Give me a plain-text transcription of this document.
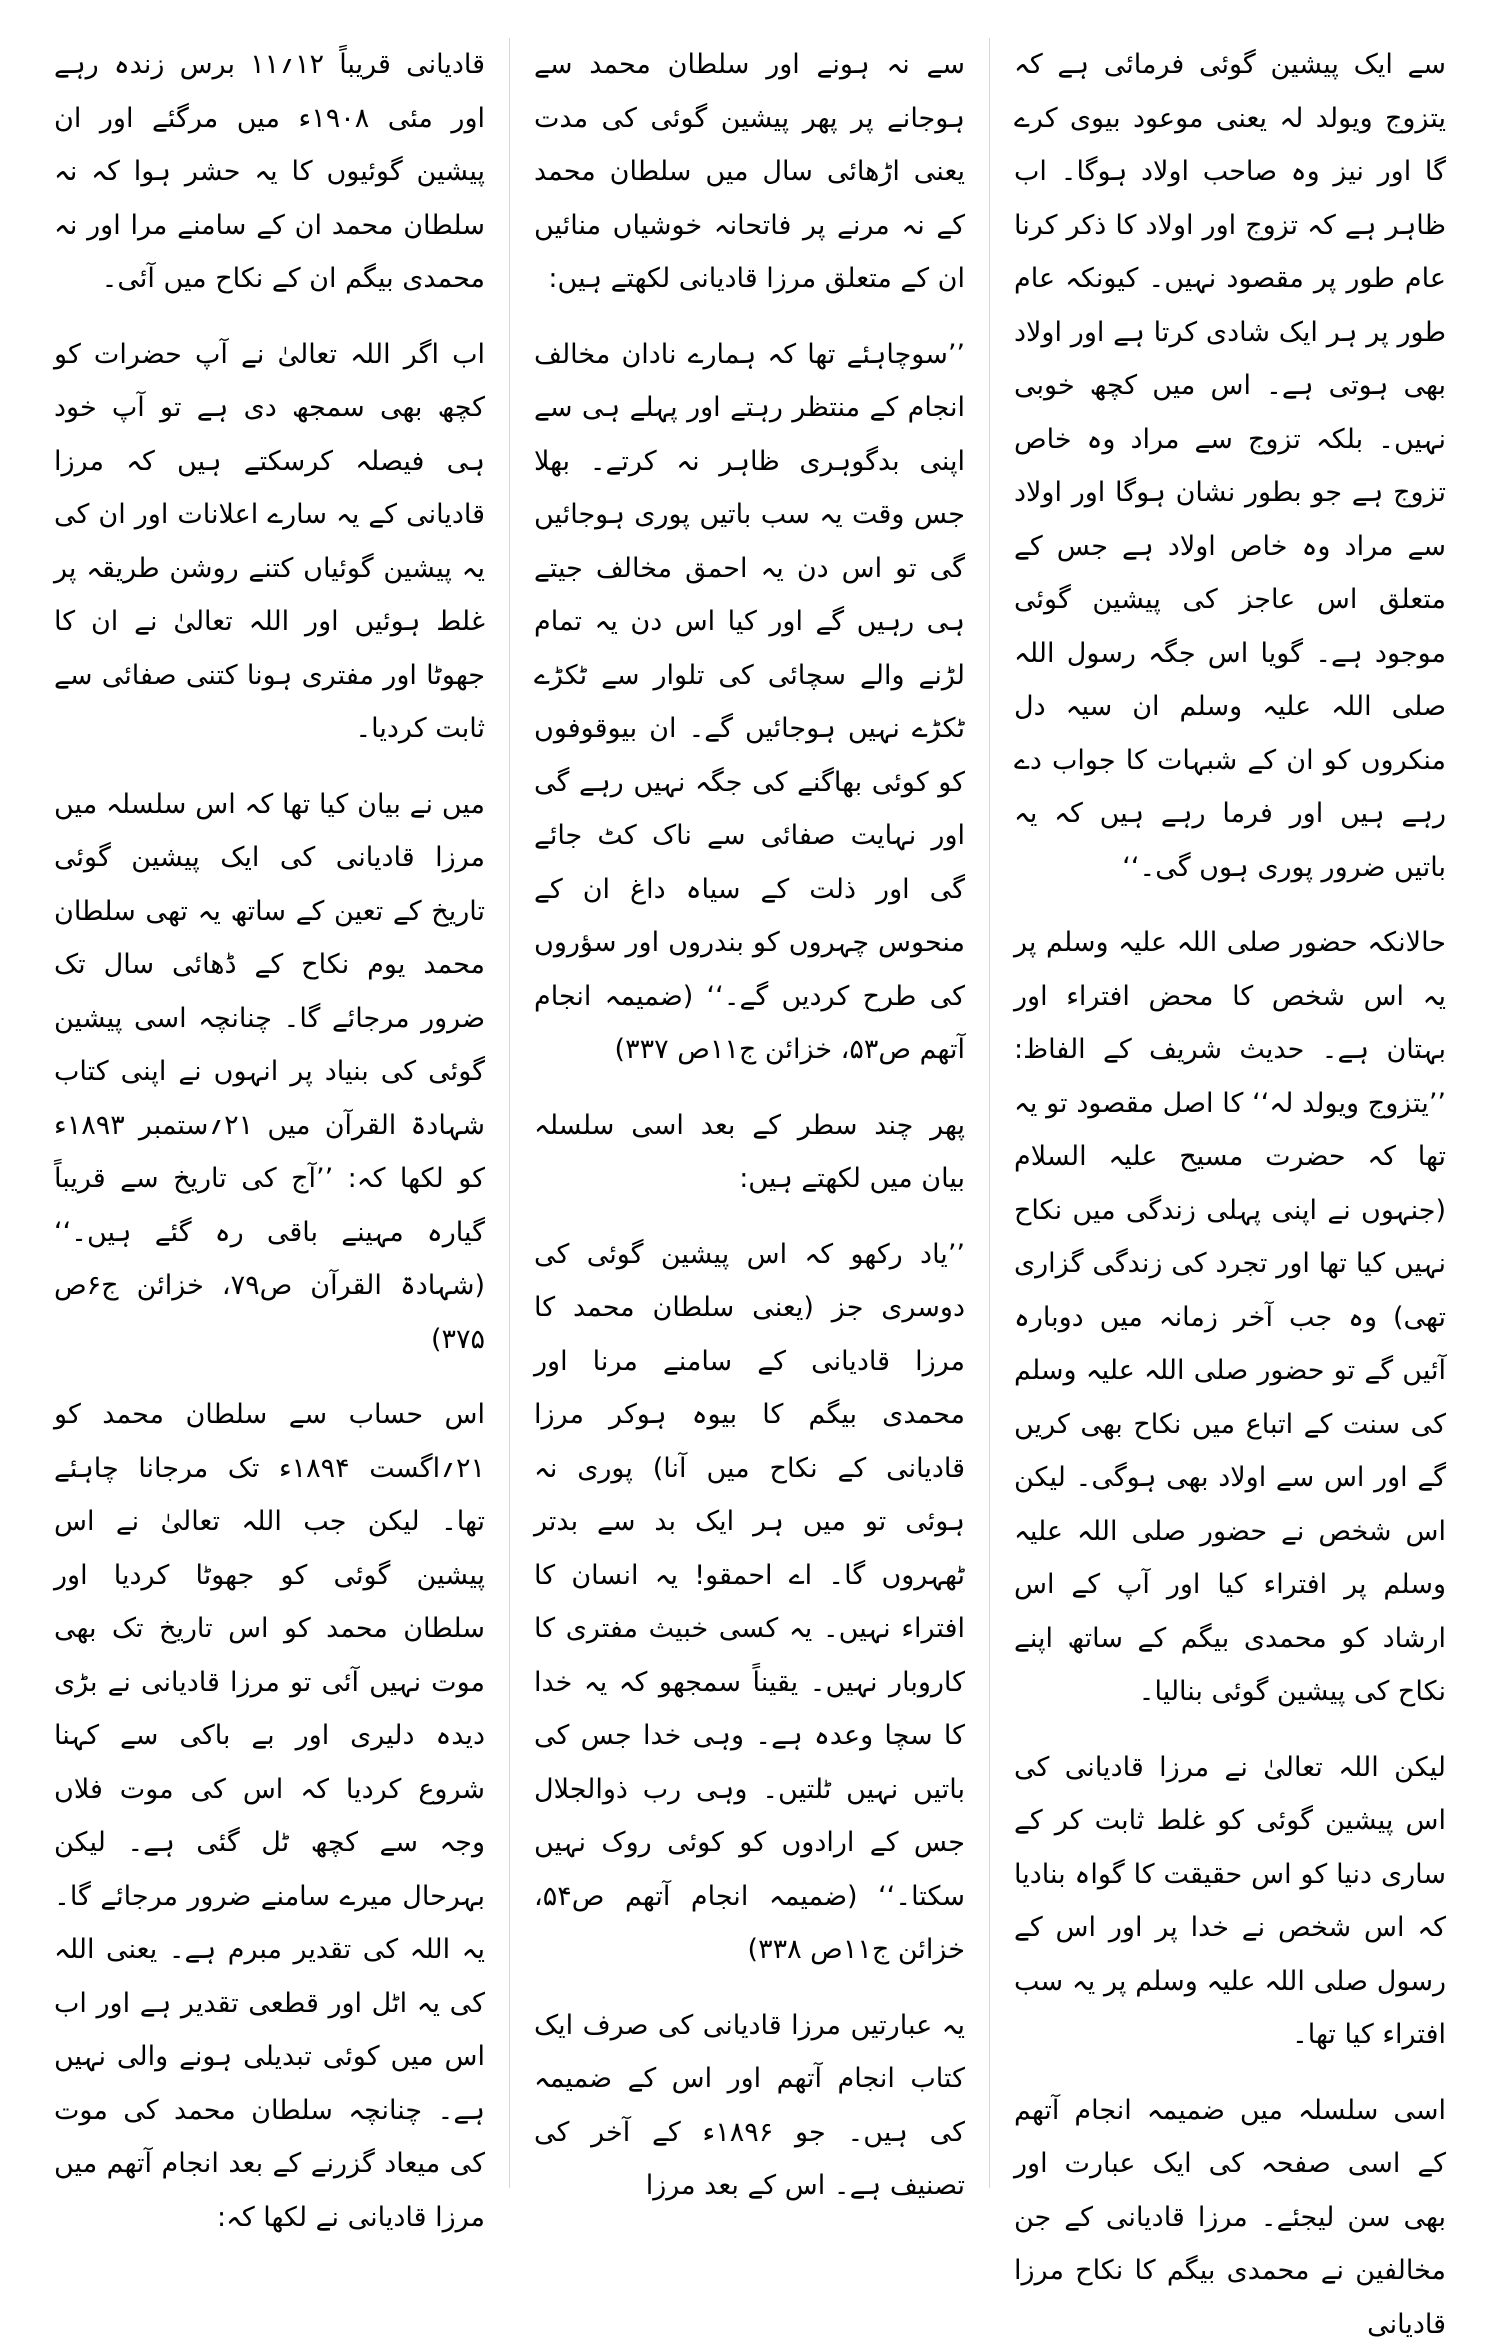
سے ایک پیشین گوئی فرمائی ہے کہ یتزوج ویولد لہ یعنی موعود بیوی کرے گا اور نیز وہ صاحب اولاد ہوگا۔ اب ظاہر ہے کہ تزوج اور اولاد کا ذکر کرنا عام طور پر مقصود نہیں۔ کیونکہ عام طور پر ہر ایک شادی کرتا ہے اور اولاد بھی ہوتی ہے۔ اس میں کچھ خوبی نہیں۔ بلکہ تزوج سے مراد وہ خاص تزوج ہے جو بطور نشان ہوگا اور اولاد سے مراد وہ خاص اولاد ہے جس کے متعلق اس عاجز کی پیشین گوئی موجود ہے۔ گویا اس جگہ رسول اللہ صلی اللہ علیہ وسلم ان سیہ دل منکروں کو ان کے شبہات کا جواب دے رہے ہیں اور فرما رہے ہیں کہ یہ باتیں ضرور پوری ہوں گی۔‘‘

حالانکہ حضور صلی اللہ علیہ وسلم پر یہ اس شخص کا محض افتراء اور بہتان ہے۔ حدیث شریف کے الفاظ: ’’یتزوج ویولد لہ‘‘ کا اصل مقصود تو یہ تھا کہ حضرت مسیح علیہ السلام (جنہوں نے اپنی پہلی زندگی میں نکاح نہیں کیا تھا اور تجرد کی زندگی گزاری تھی) وہ جب آخر زمانہ میں دوبارہ آئیں گے تو حضور صلی اللہ علیہ وسلم کی سنت کے اتباع میں نکاح بھی کریں گے اور اس سے اولاد بھی ہوگی۔ لیکن اس شخص نے حضور صلی اللہ علیہ وسلم پر افتراء کیا اور آپ کے اس ارشاد کو محمدی بیگم کے ساتھ اپنے نکاح کی پیشین گوئی بنالیا۔

لیکن اللہ تعالیٰ نے مرزا قادیانی کی اس پیشین گوئی کو غلط ثابت کر کے ساری دنیا کو اس حقیقت کا گواہ بنادیا کہ اس شخص نے خدا پر اور اس کے رسول صلی اللہ علیہ وسلم پر یہ سب افتراء کیا تھا۔

اسی سلسلہ میں ضمیمہ انجام آتھم کے اسی صفحہ کی ایک عبارت اور بھی سن لیجئے۔ مرزا قادیانی کے جن مخالفین نے محمدی بیگم کا نکاح مرزا قادیانی

سے نہ ہونے اور سلطان محمد سے ہوجانے پر پھر پیشین گوئی کی مدت یعنی اڑھائی سال میں سلطان محمد کے نہ مرنے پر فاتحانہ خوشیاں منائیں ان کے متعلق مرزا قادیانی لکھتے ہیں:

’’سوچاہئے تھا کہ ہمارے نادان مخالف انجام کے منتظر رہتے اور پہلے ہی سے اپنی بدگوہری ظاہر نہ کرتے۔ بھلا جس وقت یہ سب باتیں پوری ہوجائیں گی تو اس دن یہ احمق مخالف جیتے ہی رہیں گے اور کیا اس دن یہ تمام لڑنے والے سچائی کی تلوار سے ٹکڑے ٹکڑے نہیں ہوجائیں گے۔ ان بیوقوفوں کو کوئی بھاگنے کی جگہ نہیں رہے گی اور نہایت صفائی سے ناک کٹ جائے گی اور ذلت کے سیاہ داغ ان کے منحوس چہروں کو بندروں اور سؤروں کی طرح کردیں گے۔‘‘ (ضمیمہ انجام آتھم ص۵۳، خزائن ج۱۱ص ۳۳۷)

پھر چند سطر کے بعد اسی سلسلہ بیان میں لکھتے ہیں:

’’یاد رکھو کہ اس پیشین گوئی کی دوسری جز (یعنی سلطان محمد کا مرزا قادیانی کے سامنے مرنا اور محمدی بیگم کا بیوہ ہوکر مرزا قادیانی کے نکاح میں آنا) پوری نہ ہوئی تو میں ہر ایک بد سے بدتر ٹھہروں گا۔ اے احمقو! یہ انسان کا افتراء نہیں۔ یہ کسی خبیث مفتری کا کاروبار نہیں۔ یقیناً سمجھو کہ یہ خدا کا سچا وعدہ ہے۔ وہی خدا جس کی باتیں نہیں ٹلتیں۔ وہی رب ذوالجلال جس کے ارادوں کو کوئی روک نہیں سکتا۔‘‘ (ضمیمہ انجام آتھم ص۵۴، خزائن ج۱۱ص ۳۳۸)

یہ عبارتیں مرزا قادیانی کی صرف ایک کتاب انجام آتھم اور اس کے ضمیمہ کی ہیں۔ جو ۱۸۹۶ء کے آخر کی تصنیف ہے۔ اس کے بعد مرزا

قادیانی قریباً ۱۲؍۱۱ برس زندہ رہے اور مئی ۱۹۰۸ء میں مرگئے اور ان پیشین گوئیوں کا یہ حشر ہوا کہ نہ سلطان محمد ان کے سامنے مرا اور نہ محمدی بیگم ان کے نکاح میں آئی۔

اب اگر اللہ تعالیٰ نے آپ حضرات کو کچھ بھی سمجھ دی ہے تو آپ خود ہی فیصلہ کرسکتے ہیں کہ مرزا قادیانی کے یہ سارے اعلانات اور ان کی یہ پیشین گوئیاں کتنے روشن طریقہ پر غلط ہوئیں اور اللہ تعالیٰ نے ان کا جھوٹا اور مفتری ہونا کتنی صفائی سے ثابت کردیا۔

میں نے بیان کیا تھا کہ اس سلسلہ میں مرزا قادیانی کی ایک پیشین گوئی تاریخ کے تعین کے ساتھ یہ تھی سلطان محمد یوم نکاح کے ڈھائی سال تک ضرور مرجائے گا۔ چنانچہ اسی پیشین گوئی کی بنیاد پر انہوں نے اپنی کتاب شہادۃ القرآن میں ۲۱؍ستمبر ۱۸۹۳ء کو لکھا کہ: ’’آج کی تاریخ سے قریباً گیارہ مہینے باقی رہ گئے ہیں۔‘‘ (شہادۃ القرآن ص۷۹، خزائن ج۶ص ۳۷۵)

اس حساب سے سلطان محمد کو ۲۱؍اگست ۱۸۹۴ء تک مرجانا چاہئے تھا۔ لیکن جب اللہ تعالیٰ نے اس پیشین گوئی کو جھوٹا کردیا اور سلطان محمد کو اس تاریخ تک بھی موت نہیں آئی تو مرزا قادیانی نے بڑی دیدہ دلیری اور بے باکی سے کہنا شروع کردیا کہ اس کی موت فلاں وجہ سے کچھ ٹل گئی ہے۔ لیکن بہرحال میرے سامنے ضرور مرجائے گا۔ یہ اللہ کی تقدیر مبرم ہے۔ یعنی اللہ کی یہ اٹل اور قطعی تقدیر ہے اور اب اس میں کوئی تبدیلی ہونے والی نہیں ہے۔ چنانچہ سلطان محمد کی موت کی میعاد گزرنے کے بعد انجام آتھم میں مرزا قادیانی نے لکھا کہ:
